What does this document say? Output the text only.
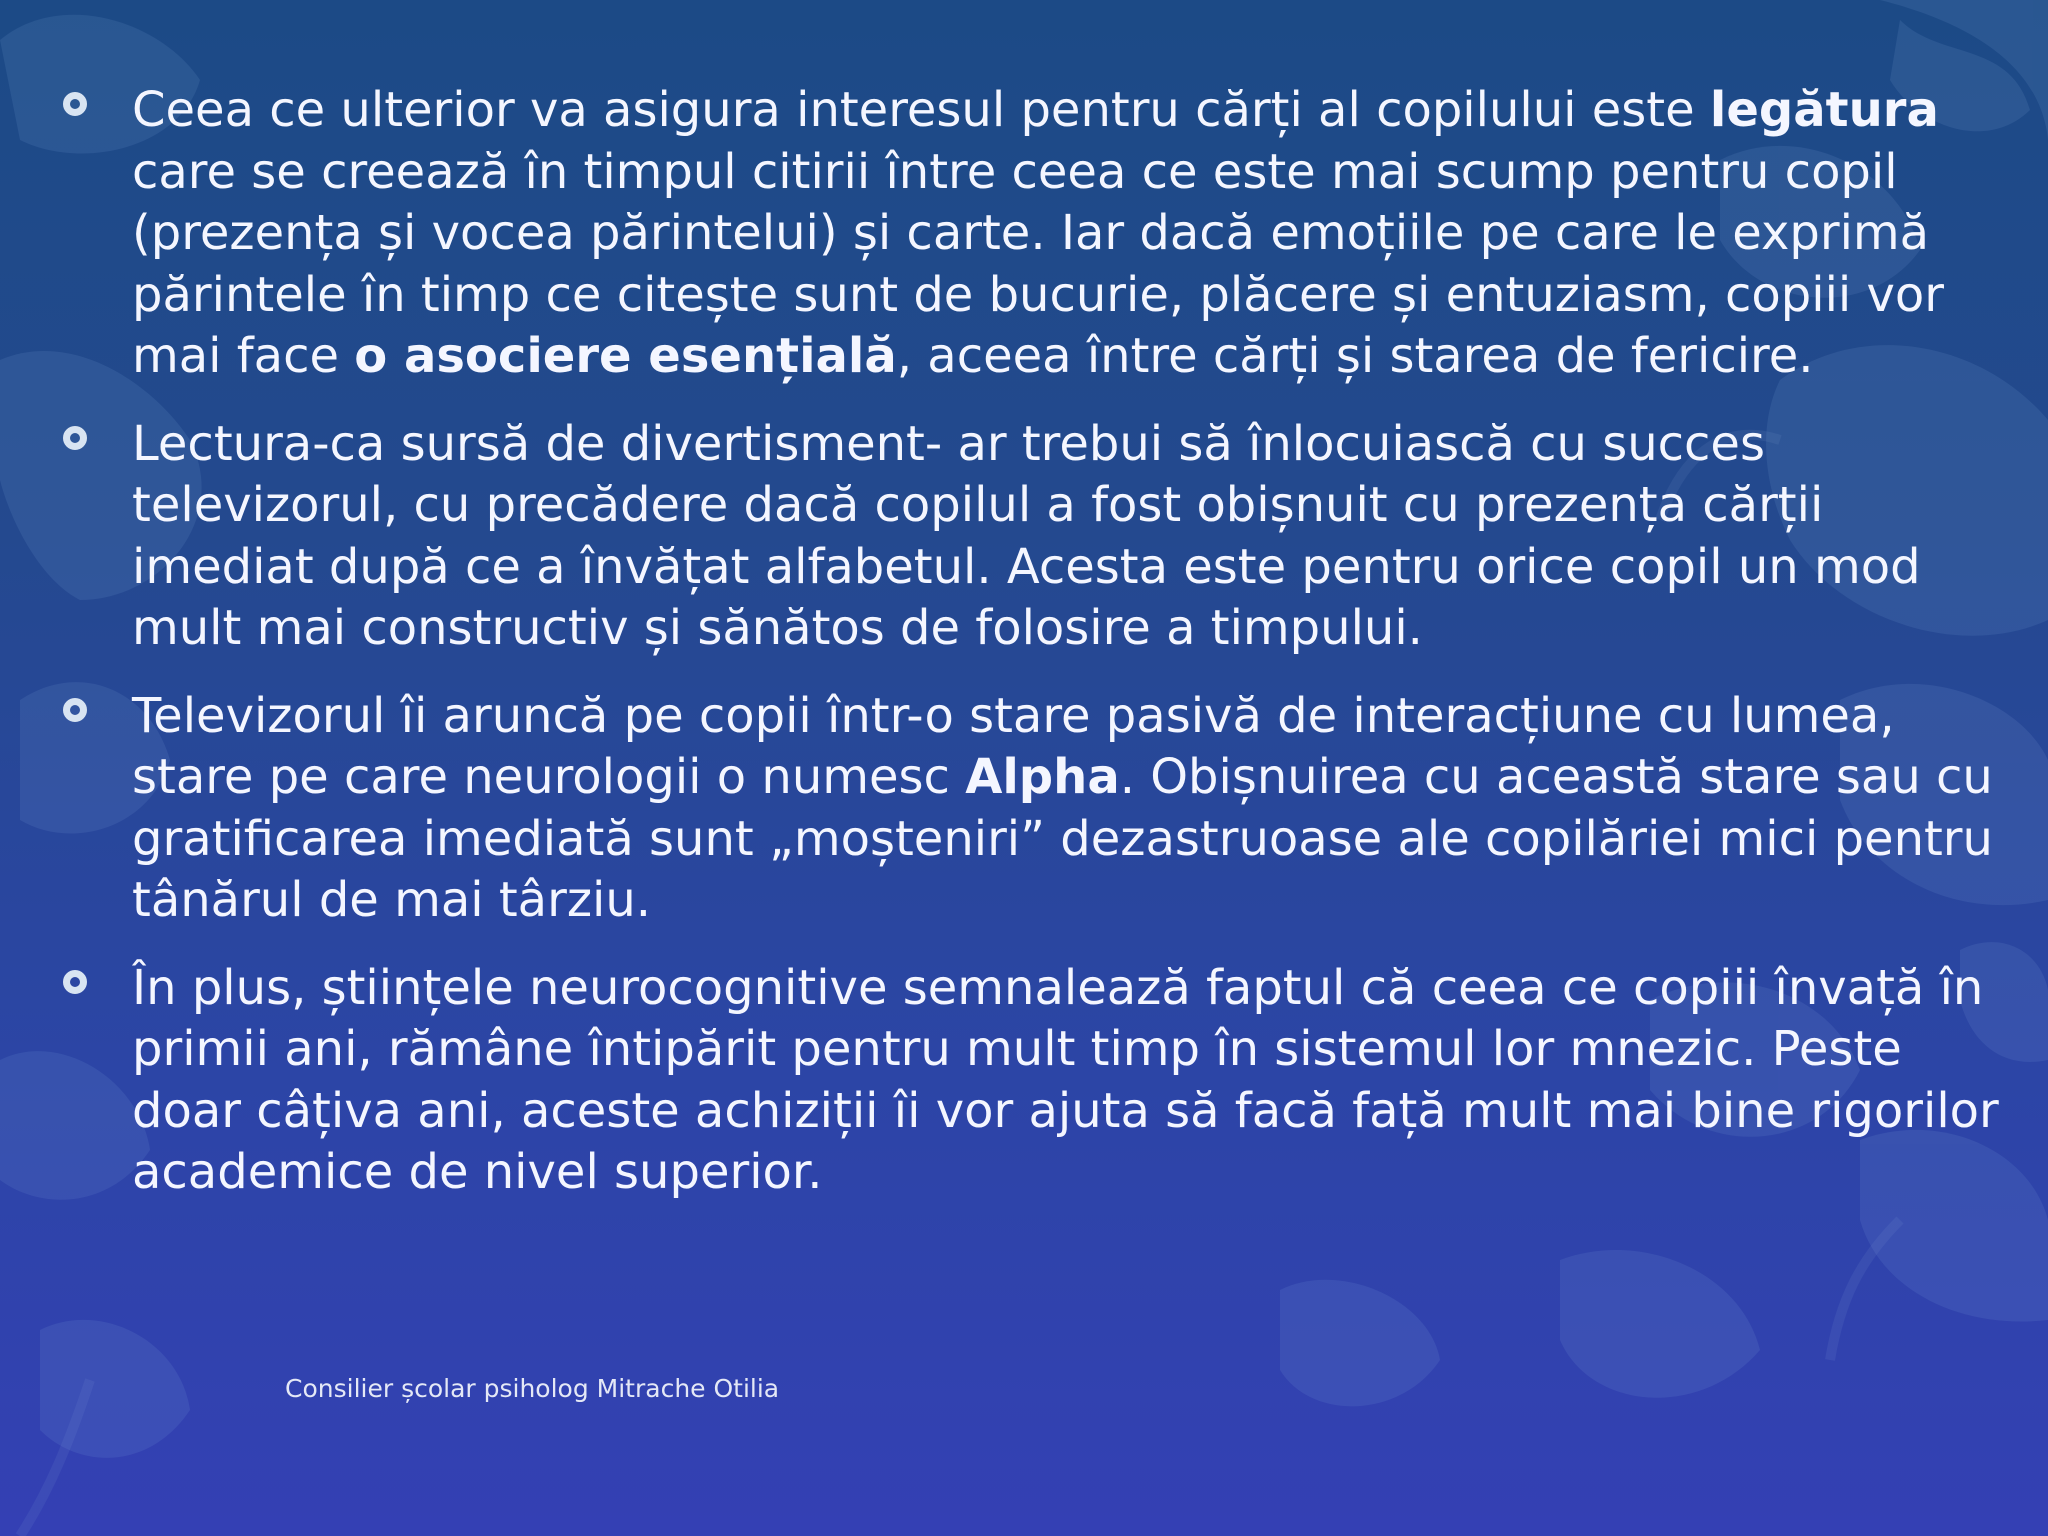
Ceea ce ulterior va asigura interesul pentru cărți al copilului este legătura care se creează în timpul citirii între ceea ce este mai scump pentru copil (prezența și vocea părintelui) și carte. Iar dacă emoțiile pe care le exprimă părintele în timp ce citește sunt de bucurie, plăcere și entuziasm, copiii vor mai face o asociere esențială, aceea între cărți și starea de fericire.
Lectura-ca sursă de divertisment- ar trebui să înlocuiască cu succes televizorul, cu precădere dacă copilul a fost obișnuit cu prezența cărții imediat după ce a învățat alfabetul. Acesta este pentru orice copil un mod mult mai constructiv și sănătos de folosire a timpului.
Televizorul îi aruncă pe copii într-o stare pasivă de interacțiune cu lumea, stare pe care neurologii o numesc Alpha. Obișnuirea cu această stare sau cu gratificarea imediată sunt „moșteniri” dezastruoase ale copilăriei mici pentru tânărul de mai târziu.
În plus, științele neurocognitive semnalează faptul că ceea ce copiii învață în primii ani, rămâne întipărit pentru mult timp în sistemul lor mnezic. Peste doar câțiva ani, aceste achiziții îi vor ajuta să facă față mult mai bine rigorilor academice de nivel superior.
Consilier școlar psiholog Mitrache Otilia
